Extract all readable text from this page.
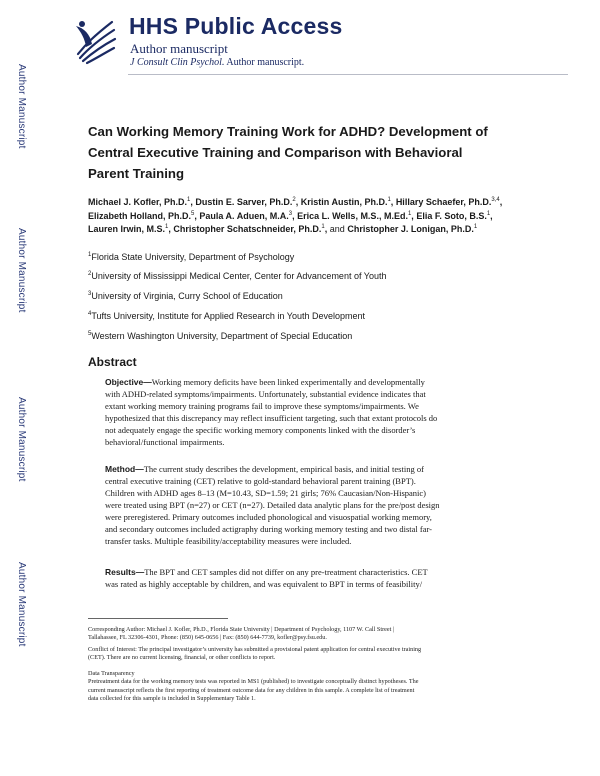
HHS Public Access
Author manuscript
J Consult Clin Psychol. Author manuscript.
Author Manuscript
Author Manuscript
Author Manuscript
Author Manuscript
Can Working Memory Training Work for ADHD? Development of
Central Executive Training and Comparison with Behavioral
Parent Training
Michael J. Kofler, Ph.D.$^1$, Dustin E. Sarver, Ph.D.$^2$, Kristin Austin, Ph.D.$^1$, Hillary Schaefer, Ph.D.$^{3,4}$, Elizabeth Holland, Ph.D.$^5$, Paula A. Aduen, M.A.$^3$, Erica L. Wells, M.S., M.Ed.$^1$, Elia F. Soto, B.S.$^1$, Lauren Irwin, M.S.$^1$, Christopher Schatschneider, Ph.D.$^1$, and Christopher J. Lonigan, Ph.D.$^1$
$^1$Florida State University, Department of Psychology
$^2$University of Mississippi Medical Center, Center for Advancement of Youth
$^3$University of Virginia, Curry School of Education
$^4$Tufts University, Institute for Applied Research in Youth Development
$^5$Western Washington University, Department of Special Education
Abstract
Objective—Working memory deficits have been linked experimentally and developmentally
with ADHD-related symptoms/impairments. Unfortunately, substantial evidence indicates that
extant working memory training programs fail to improve these symptoms/impairments. We
hypothesized that this discrepancy may reflect insufficient targeting, such that extant protocols do
not adequately engage the specific working memory components linked with the disorder’s
behavioral/functional impairments.
Method—The current study describes the development, empirical basis, and initial testing of
central executive training (CET) relative to gold-standard behavioral parent training (BPT).
Children with ADHD ages 8–13 (M=10.43, SD=1.59; 21 girls; 76% Caucasian/Non-Hispanic)
were treated using BPT (n=27) or CET (n=27). Detailed data analytic plans for the pre/post design
were preregistered. Primary outcomes included phonological and visuospatial working memory,
and secondary outcomes included actigraphy during working memory testing and two distal far-
transfer tasks. Multiple feasibility/acceptability measures were included.
Results—The BPT and CET samples did not differ on any pre-treatment characteristics. CET
was rated as highly acceptable by children, and was equivalent to BPT in terms of feasibility/
Corresponding Author: Michael J. Kofler, Ph.D., Florida State University | Department of Psychology, 1107 W. Call Street |
Tallahassee, FL 32306-4301, Phone: (850) 645-0656 | Fax: (850) 644-7739, kofler@psy.fsu.edu.
Conflict of Interest: The principal investigator’s university has submitted a provisional patent application for central executive training
(CET). There are no current licensing, financial, or other conflicts to report.
Data Transparency
Pretreatment data for the working memory tests was reported in MS1 (published) to investigate conceptually distinct hypotheses. The
current manuscript reflects the first reporting of treatment outcome data for any children in this sample. A complete list of treatment
data collected for this sample is included in Supplementary Table 1.
